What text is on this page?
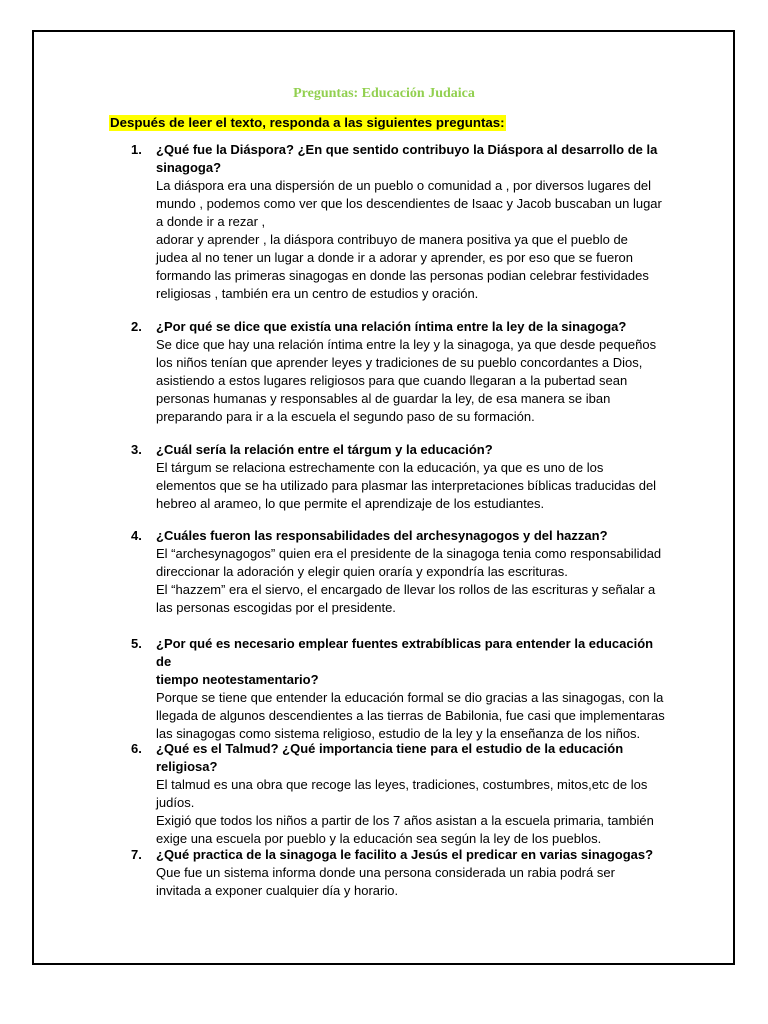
Preguntas: Educación Judaica
Después de leer el texto, responda a las siguientes preguntas:
1. ¿Qué fue la Diáspora? ¿En que sentido contribuyo la Diáspora al desarrollo de la
sinagoga?
La diáspora era una dispersión de un pueblo o comunidad a , por diversos lugares del
mundo , podemos como ver que los descendientes de Isaac y Jacob buscaban un lugar
a donde ir a rezar ,
adorar y aprender , la diáspora contribuyo de manera positiva ya que el pueblo de
judea al no tener un lugar a donde ir a adorar y aprender, es por eso que se fueron
formando las primeras sinagogas en donde las personas podian celebrar festividades
religiosas , también era un centro de estudios y oración.
2. ¿Por qué se dice que existía una relación íntima entre la ley de la sinagoga?
Se dice que hay una relación íntima entre la ley y la sinagoga, ya que desde pequeños
los niños tenían que aprender leyes y tradiciones de su pueblo concordantes a Dios,
asistiendo a estos lugares religiosos para que cuando llegaran a la pubertad sean
personas humanas y responsables al de guardar la ley, de esa manera se iban
preparando para ir a la escuela el segundo paso de su formación.
3. ¿Cuál sería la relación entre el tárgum y la educación?
El tárgum se relaciona estrechamente con la educación, ya que es uno de los
elementos que se ha utilizado para plasmar las interpretaciones bíblicas traducidas del
hebreo al arameo, lo que permite el aprendizaje de los estudiantes.
4. ¿Cuáles fueron las responsabilidades del archesynagogos y del hazzan?
El “archesynagogos” quien era el presidente de la sinagoga tenia como responsabilidad
direccionar la adoración y elegir quien oraría y expondría las escrituras.
El “hazzem” era el siervo, el encargado de llevar los rollos de las escrituras y señalar a
las personas escogidas por el presidente.
5. ¿Por qué es necesario emplear fuentes extrabíblicas para entender la educación de
tiempo neotestamentario?
Porque se tiene que entender la educación formal se dio gracias a las sinagogas, con la
llegada de algunos descendientes a las tierras de Babilonia, fue casi que implementaras
las sinagogas como sistema religioso, estudio de la ley y la enseñanza de los niños.
6. ¿Qué es el Talmud? ¿Qué importancia tiene para el estudio de la educación religiosa?
El talmud es una obra que recoge las leyes, tradiciones, costumbres, mitos,etc de los
judíos.
Exigió que todos los niños a partir de los 7 años asistan a la escuela primaria, también
exige una escuela por pueblo y la educación sea según la ley de los pueblos.
7. ¿Qué practica de la sinagoga le facilito a Jesús el predicar en varias sinagogas?
Que fue un sistema informa donde una persona considerada un rabia podrá ser
invitada a exponer cualquier día y horario.
